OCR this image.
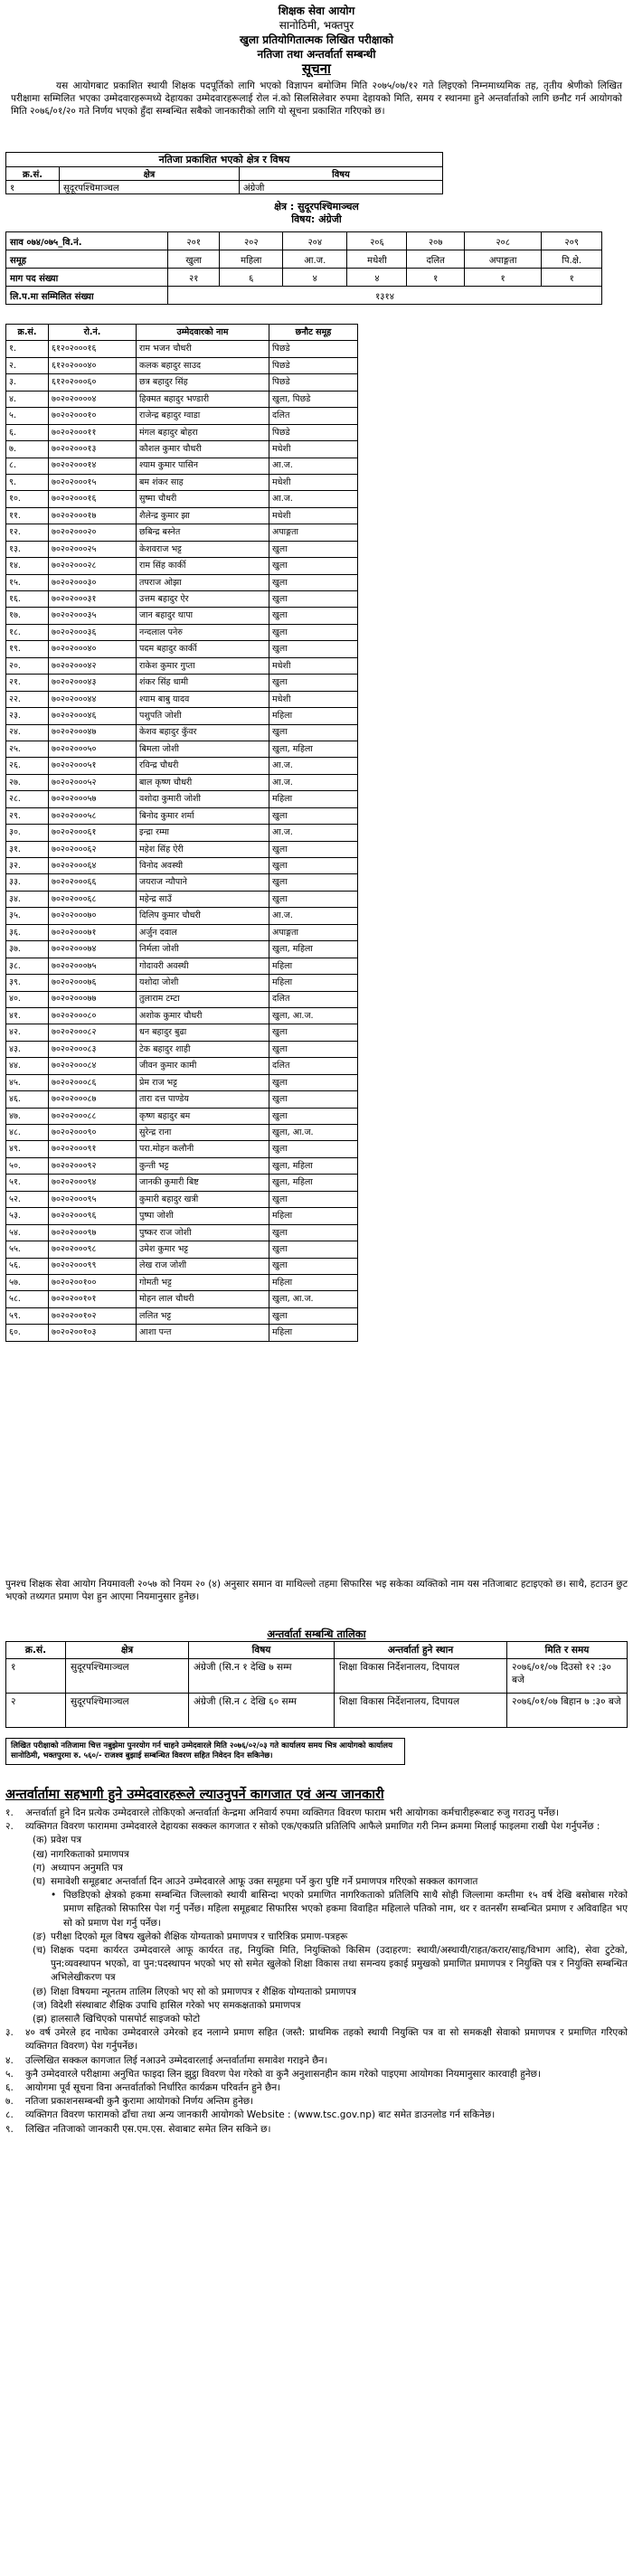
शिक्षक सेवा आयोग
सानोठिमी, भक्तपुर
खुला प्रतियोगितात्मक लिखित परीक्षाको
नतिजा तथा अन्तर्वार्ता सम्बन्धी
सूचना
यस आयोगबाट प्रकाशित स्थायी शिक्षक पदपूर्तिको लागि भएको विज्ञापन बमोजिम मिति २०७५/०७/१२ गते लिइएको निम्नमाध्यमिक तह, तृतीय श्रेणीको लिखित परीक्षामा सम्मिलित भएका उम्मेदवारहरूमध्ये देहायका उम्मेदवारहरूलाई रोल नं.को सिलसिलेवार रुपमा देहायको मिति, समय र स्थानमा हुने अन्तर्वार्ताको लागि छनौट गर्न आयोगको मिति २०७६/०१/२० गते निर्णय भएको हुँदा सम्बन्धित सबैको जानकारीको लागि यो सूचना प्रकाशित गरिएको छ।
नतिजा प्रकाशित भएको क्षेत्र र विषय		
क्र.सं.	क्षेत्र	विषय
१	सुदूरपश्चिमाञ्चल	अंग्रेजी
क्षेत्र : सुदूरपश्चिमाञ्चल
विषय: अंग्रेजी
साव ०७४/०७५_वि.नं.	२०१	२०२	२०४	२०६	२०७	२०८	२०९
समूह	खुला	महिला	आ.ज.	मधेशी	दलित	अपाङ्गता	पि.क्षे.
माग पद संख्या	२१	६	४	४	१	१	१
लि.प.मा सम्मिलित संख्या	१३१४						
क्र.सं.	रो.नं.	उम्मेदवारको नाम	छनौट समूह
१.	६१२०२०००१६	राम भजन चौधरी	पिछडे
२.	६१२०२०००४०	कलक बहादुर साउद	पिछडे
३.	६१२०२०००६०	छत्र बहादुर सिंह	पिछडे
४.	७०२०२००००४	हिक्मत बहादुर भण्डारी	खुला, पिछडे
५.	७०२०२०००१०	राजेन्द्र बहादुर ग्वाडा	दलित
६.	७०२०२०००११	मंगल बहादुर बोहरा	पिछडे
७.	७०२०२०००१३	कौशल कुमार चौधरी	मधेशी
८.	७०२०२०००१४	श्याम कुमार पासिन	आ.ज.
९.	७०२०२०००१५	बम शंकर साह	मधेशी
१०.	७०२०२०००१६	सुष्मा चौधरी	आ.ज.
११.	७०२०२०००१७	शैलेन्द्र कुमार झा	मधेशी
१२.	७०२०२०००२०	छबिन्द्र बस्नेत	अपाङ्गता
१३.	७०२०२०००२५	केशवराज भट्ट	खुला
१४.	७०२०२०००२८	राम सिंह कार्की	खुला
१५.	७०२०२०००३०	तपराज ओझा	खुला
१६.	७०२०२०००३१	उत्तम बहादुर ऐर	खुला
१७.	७०२०२०००३५	जान बहादुर थापा	खुला
१८.	७०२०२०००३६	नन्दलाल पनेरु	खुला
१९.	७०२०२०००४०	पदम बहादुर कार्की	खुला
२०.	७०२०२०००४२	राकेश कुमार गुप्ता	मधेशी
२१.	७०२०२०००४३	शंकर सिंह धामी	खुला
२२.	७०२०२०००४४	श्याम बाबु यादव	मधेशी
२३.	७०२०२०००४६	पशुपति जोशी	महिला
२४.	७०२०२०००४७	केशव बहादुर कुँवर	खुला
२५.	७०२०२०००५०	बिमला जोशी	खुला, महिला
२६.	७०२०२०००५१	रविन्द्र चौधरी	आ.ज.
२७.	७०२०२०००५२	बाल कृष्ण चौधरी	आ.ज.
२८.	७०२०२०००५७	वशोदा कुमारी जोशी	महिला
२९.	७०२०२०००५८	बिनोद कुमार शर्मा	खुला
३०.	७०२०२०००६१	इन्द्रा रम्मा	आ.ज.
३१.	७०२०२०००६२	महेश सिंह ऐरी	खुला
३२.	७०२०२०००६४	विनोद अवस्थी	खुला
३३.	७०२०२०००६६	जयराज न्यौपाने	खुला
३४.	७०२०२०००६८	महेन्द्र साउँ	खुला
३५.	७०२०२०००७०	दिलिप कुमार चौधरी	आ.ज.
३६.	७०२०२०००७१	अर्जुन दवाल	अपाङ्गता
३७.	७०२०२०००७४	निर्मला जोशी	खुला, महिला
३८.	७०२०२०००७५	गोदावरी अवस्थी	महिला
३९.	७०२०२०००७६	यशोदा जोशी	महिला
४०.	७०२०२०००७७	तुलाराम टम्टा	दलित
४१.	७०२०२०००८०	अशोक कुमार चौधरी	खुला, आ.ज.
४२.	७०२०२०००८२	धन बहादुर बुढा	खुला
४३.	७०२०२०००८३	टेक बहादुर शाही	खुला
४४.	७०२०२०००८४	जीवन कुमार कामी	दलित
४५.	७०२०२०००८६	प्रेम राज भट्ट	खुला
४६.	७०२०२०००८७	तारा दत्त पाण्डेय	खुला
४७.	७०२०२०००८८	कृष्ण बहादुर बम	खुला
४८.	७०२०२०००९०	सुरेन्द्र राना	खुला, आ.ज.
४९.	७०२०२०००९१	परा.मोहन कलौनी	खुला
५०.	७०२०२०००९२	कुन्ती भट्ट	खुला, महिला
५१.	७०२०२०००९४	जानकी कुमारी बिष्ट	खुला, महिला
५२.	७०२०२०००९५	कुमारी बहादुर खत्री	खुला
५३.	७०२०२०००९६	पुष्पा जोशी	महिला
५४.	७०२०२०००९७	पुष्कर राज जोशी	खुला
५५.	७०२०२०००९८	उमेश कुमार भट्ट	खुला
५६.	७०२०२०००९९	लेख राज जोशी	खुला
५७.	७०२०२००१००	गोमती भट्ट	महिला
५८.	७०२०२००१०१	मोहन लाल चौधरी	खुला, आ.ज.
५९.	७०२०२००१०२	ललित भट्ट	खुला
६०.	७०२०२००१०३	आशा पन्त	महिला
पुनश्च शिक्षक सेवा आयोग नियमावली २०५७ को नियम २० (४) अनुसार समान वा माथिल्लो तहमा सिफारिस भइ सकेका व्यक्तिको नाम यस नतिजाबाट हटाइएको छ। साथै, हटाउन छुट भएको तथ्यगत प्रमाण पेश हुन आएमा नियमानुसार हुनेछ।
अन्तर्वार्ता सम्बन्धि तालिका
क्र.सं.	क्षेत्र	विषय	अन्तर्वार्ता हुने स्थान	मिति र समय
१	सुदूरपश्चिमाञ्चल	अंग्रेजी (सि.न १ देखि ७ सम्म	शिक्षा विकास निर्देशनालय, दिपायल	२०७६/०१/०७ दिउसो १२ :३० बजे
२	सुदूरपश्चिमाञ्चल	अंग्रेजी (सि.न ८ देखि ६० सम्म	शिक्षा विकास निर्देशनालय, दिपायल	२०७६/०१/०७ बिहान ७ :३० बजे
लिखित परीक्षाको नतिजामा चित्त नबुझेमा पुनरयोग गर्न चाहने उम्मेदवारले मिति २०७६/०२/०३ गते कार्यालय समय भित्र आयोगको कार्यालय सानोठिमी, भक्तपुरमा रु. ५६०/- राजश्व बुझाई सम्बन्धित विवरण सहित निवेदन दिन सकिनेछ।
अन्तर्वार्तामा सहभागी हुने उम्मेदवारहरूले ल्याउनुपर्ने कागजात एवं अन्य जानकारी
१.	अन्तर्वार्ता हुने दिन प्रत्येक उम्मेदवारले तोकिएको अन्तर्वार्ता केन्द्रमा अनिवार्य रुपमा व्यक्तिगत विवरण फाराम भरी आयोगका कर्मचारीहरूबाट रुजु गराउनु पर्नेछ।
२.	व्यक्तिगत विवरण फाराममा उम्मेदवारले देहायका सक्कल कागजात र सोको एक/एकप्रति प्रतिलिपि आफैले प्रमाणित गरी निम्न क्रममा मिलाई फाइलमा राखी पेश गर्नुपर्नेछ :
(क) प्रवेश पत्र
(ख) नागरिकताको प्रमाणपत्र
(ग) अध्यापन अनुमति पत्र
(घ) समावेशी समूहबाट अन्तर्वार्ता दिन आउने उम्मेदवारले आफू उक्त समूहमा पर्ने कुरा पुष्टि गर्ने प्रमाणपत्र गरिएको सक्कल कागजात
• पिछडिएको क्षेत्रको हकमा सम्बन्धित जिल्लाको स्थायी बासिन्दा भएको प्रमाणित नागरिकताको प्रतिलिपि साथै सोही जिल्लामा कम्तीमा १५ वर्ष देखि बसोबास गरेको प्रमाण सहितको सिफारिस पेश गर्नु पर्नेछ। महिला समूहबाट सिफारिस भएको हकमा विवाहित महिलाले पतिको नाम, थर र वतनसँग सम्बन्धित प्रमाण र अविवाहित भए सो को प्रमाण पेश गर्नु पर्नेछ।
(ङ) परीक्षा दिएको मूल विषय खुलेको शैक्षिक योग्यताको प्रमाणपत्र र चारित्रिक प्रमाण-पत्रहरू
(च) शिक्षक पदमा कार्यरत उम्मेदवारले आफू कार्यरत तह, नियुक्ति मिति, नियुक्तिको किसिम (उदाहरण: स्थायी/अस्थायी/राहत/करार/साइ/विभाग आदि), सेवा टुटेको, पुन:व्यवस्थापन भएको, वा पुन:पदस्थापन भएको भए सो समेत खुलेको शिक्षा विकास तथा समन्वय इकाई प्रमुखको प्रमाणित प्रमाणपत्र र नियुक्ति पत्र र नियुक्ति सम्बन्धित अभिलेखीकरण पत्र
(छ) शिक्षा विषयमा न्यूनतम तालिम लिएको भए सो को प्रमाणपत्र र शैक्षिक योग्यताको प्रमाणपत्र
(ज) विदेशी संस्थाबाट शैक्षिक उपाधि हासिल गरेको भए समकक्षताको प्रमाणपत्र
(झ) हालसालै खिचिएको पासपोर्ट साइजको फोटो
३.	४० वर्ष उमेरले हद नाघेका उम्मेदवारले उमेरको हद नलाग्ने प्रमाण सहित (जस्तै: प्राथमिक तहको स्थायी नियुक्ति पत्र वा सो समकक्षी सेवाको प्रमाणपत्र र प्रमाणित गरिएको व्यक्तिगत विवरण) पेश गर्नुपर्नेछ।
४.	उल्लिखित सक्कल कागजात लिई नआउने उम्मेदवारलाई अन्तर्वार्तामा समावेश गराइने छैन।
५.	कुनै उम्मेदवारले परीक्षामा अनुचित फाइदा लिन झुट्ठा विवरण पेश गरेको वा कुनै अनुशासनहीन काम गरेको पाइएमा आयोगका नियमानुसार कारवाही हुनेछ।
६.	आयोगमा पूर्व सूचना विना अन्तर्वार्ताको निर्धारित कार्यक्रम परिवर्तन हुने छैन।
७.	नतिजा प्रकाशनसम्बन्धी कुनै कुरामा आयोगको निर्णय अन्तिम हुनेछ।
८.	व्यक्तिगत विवरण फारामको ढाँचा तथा अन्य जानकारी आयोगको Website : (www.tsc.gov.np) बाट समेत डाउनलोड गर्न सकिनेछ।
९.	लिखित नतिजाको जानकारी एस.एम.एस. सेवाबाट समेत लिन सकिने छ।
